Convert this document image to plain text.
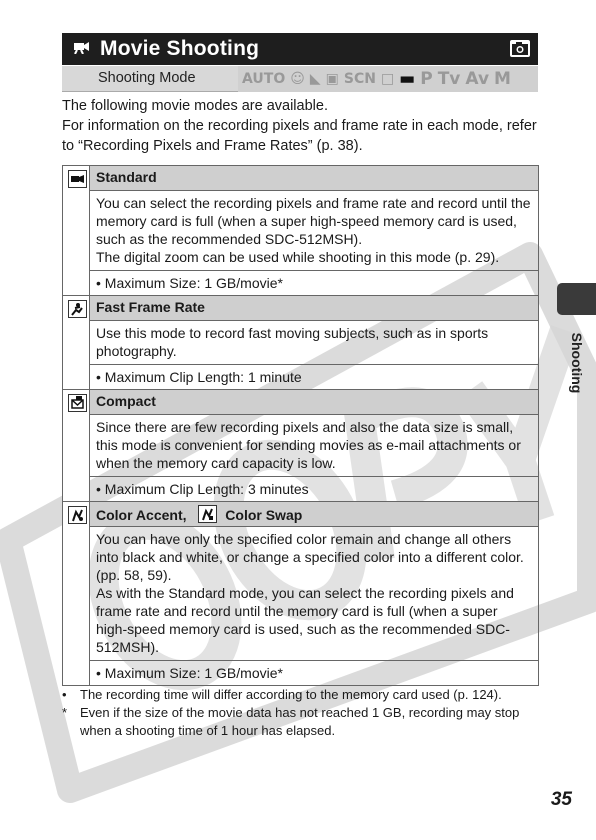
Movie Shooting
Shooting Mode	AUTO ☺ ◣ ▣ SCN □ ▬ P Tv Av M
The following movie modes are available.
For information on the recording pixels and frame rate in each mode, refer to “Recording Pixels and Frame Rates” (p. 38).
	Standard

	You can select the recording pixels and frame rate and record until the memory card is full (when a super high-speed memory card is used, such as the recommended SDC-512MSH).
The digital zoom can be used while shooting in this mode (p. 29).

	• Maximum Size: 1 GB/movie*

	Fast Frame Rate
	Use this mode to record fast moving subjects, such as in sports photography.
	• Maximum Clip Length: 1 minute

	Compact
	Since there are few recording pixels and also the data size is small, this mode is convenient for sending movies as e-mail attachments or when the memory card capacity is low.
	• Maximum Clip Length: 3 minutes

	Color Accent, Color Swap

	You can have only the specified color remain and change all others into black and white, or change a specified color into a different color. (pp. 58, 59).
As with the Standard mode, you can select the recording pixels and frame rate and record until the memory card is full (when a super high-speed memory card is used, such as the recommended SDC-512MSH).

	• Maximum Size: 1 GB/movie*
•	The recording time will differ according to the memory card used (p. 124).
* Even if the size of the movie data has not reached 1 GB, recording may stop when a shooting time of 1 hour has elapsed.
Shooting
35
